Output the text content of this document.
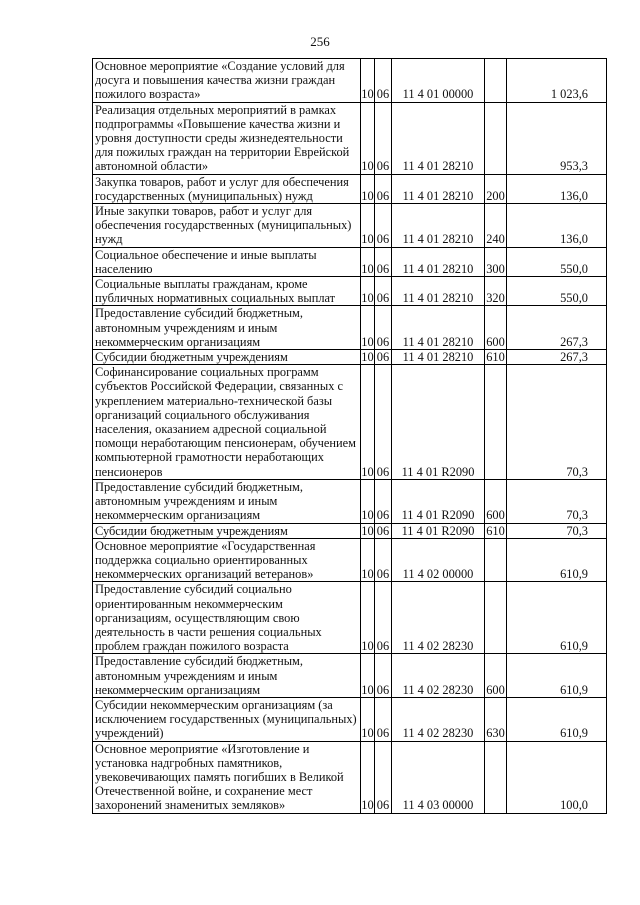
256
Основное мероприятие «Создание условий для досуга и повышения качества жизни граждан пожилого возраста»	10	06	11 4 01 00000		1 023,6
Реализация отдельных мероприятий в рамках подпрограммы «Повышение качества жизни и уровня доступности среды жизнедеятельности для пожилых граждан на территории Еврейской автономной области»	10	06	11 4 01 28210		953,3
Закупка товаров, работ и услуг для обеспечения государственных (муниципальных) нужд	10	06	11 4 01 28210	200	136,0
Иные закупки товаров, работ и услуг для обеспечения государственных (муниципальных) нужд	10	06	11 4 01 28210	240	136,0
Социальное обеспечение и иные выплаты населению	10	06	11 4 01 28210	300	550,0
Социальные выплаты гражданам, кроме публичных нормативных социальных выплат	10	06	11 4 01 28210	320	550,0
Предоставление субсидий бюджетным, автономным учреждениям и иным некоммерческим организациям	10	06	11 4 01 28210	600	267,3
Субсидии бюджетным учреждениям	10	06	11 4 01 28210	610	267,3
Софинансирование социальных программ субъектов Российской Федерации, связанных с укреплением материально-технической базы организаций социального обслуживания населения, оказанием адресной социальной помощи неработающим пенсионерам, обучением компьютерной грамотности неработающих пенсионеров	10	06	11 4 01 R2090		70,3
Предоставление субсидий бюджетным, автономным учреждениям и иным некоммерческим организациям	10	06	11 4 01 R2090	600	70,3
Субсидии бюджетным учреждениям	10	06	11 4 01 R2090	610	70,3
Основное мероприятие «Государственная поддержка социально ориентированных некоммерческих организаций ветеранов»	10	06	11 4 02 00000		610,9
Предоставление субсидий социально ориентированным некоммерческим организациям, осуществляющим свою деятельность в части решения социальных проблем граждан пожилого возраста	10	06	11 4 02 28230		610,9
Предоставление субсидий бюджетным, автономным учреждениям и иным некоммерческим организациям	10	06	11 4 02 28230	600	610,9
Субсидии некоммерческим организациям (за исключением государственных (муниципальных) учреждений)	10	06	11 4 02 28230	630	610,9
Основное мероприятие «Изготовление и установка надгробных памятников, увековечивающих память погибших в Великой Отечественной войне, и сохранение мест захоронений знаменитых земляков»	10	06	11 4 03 00000		100,0
